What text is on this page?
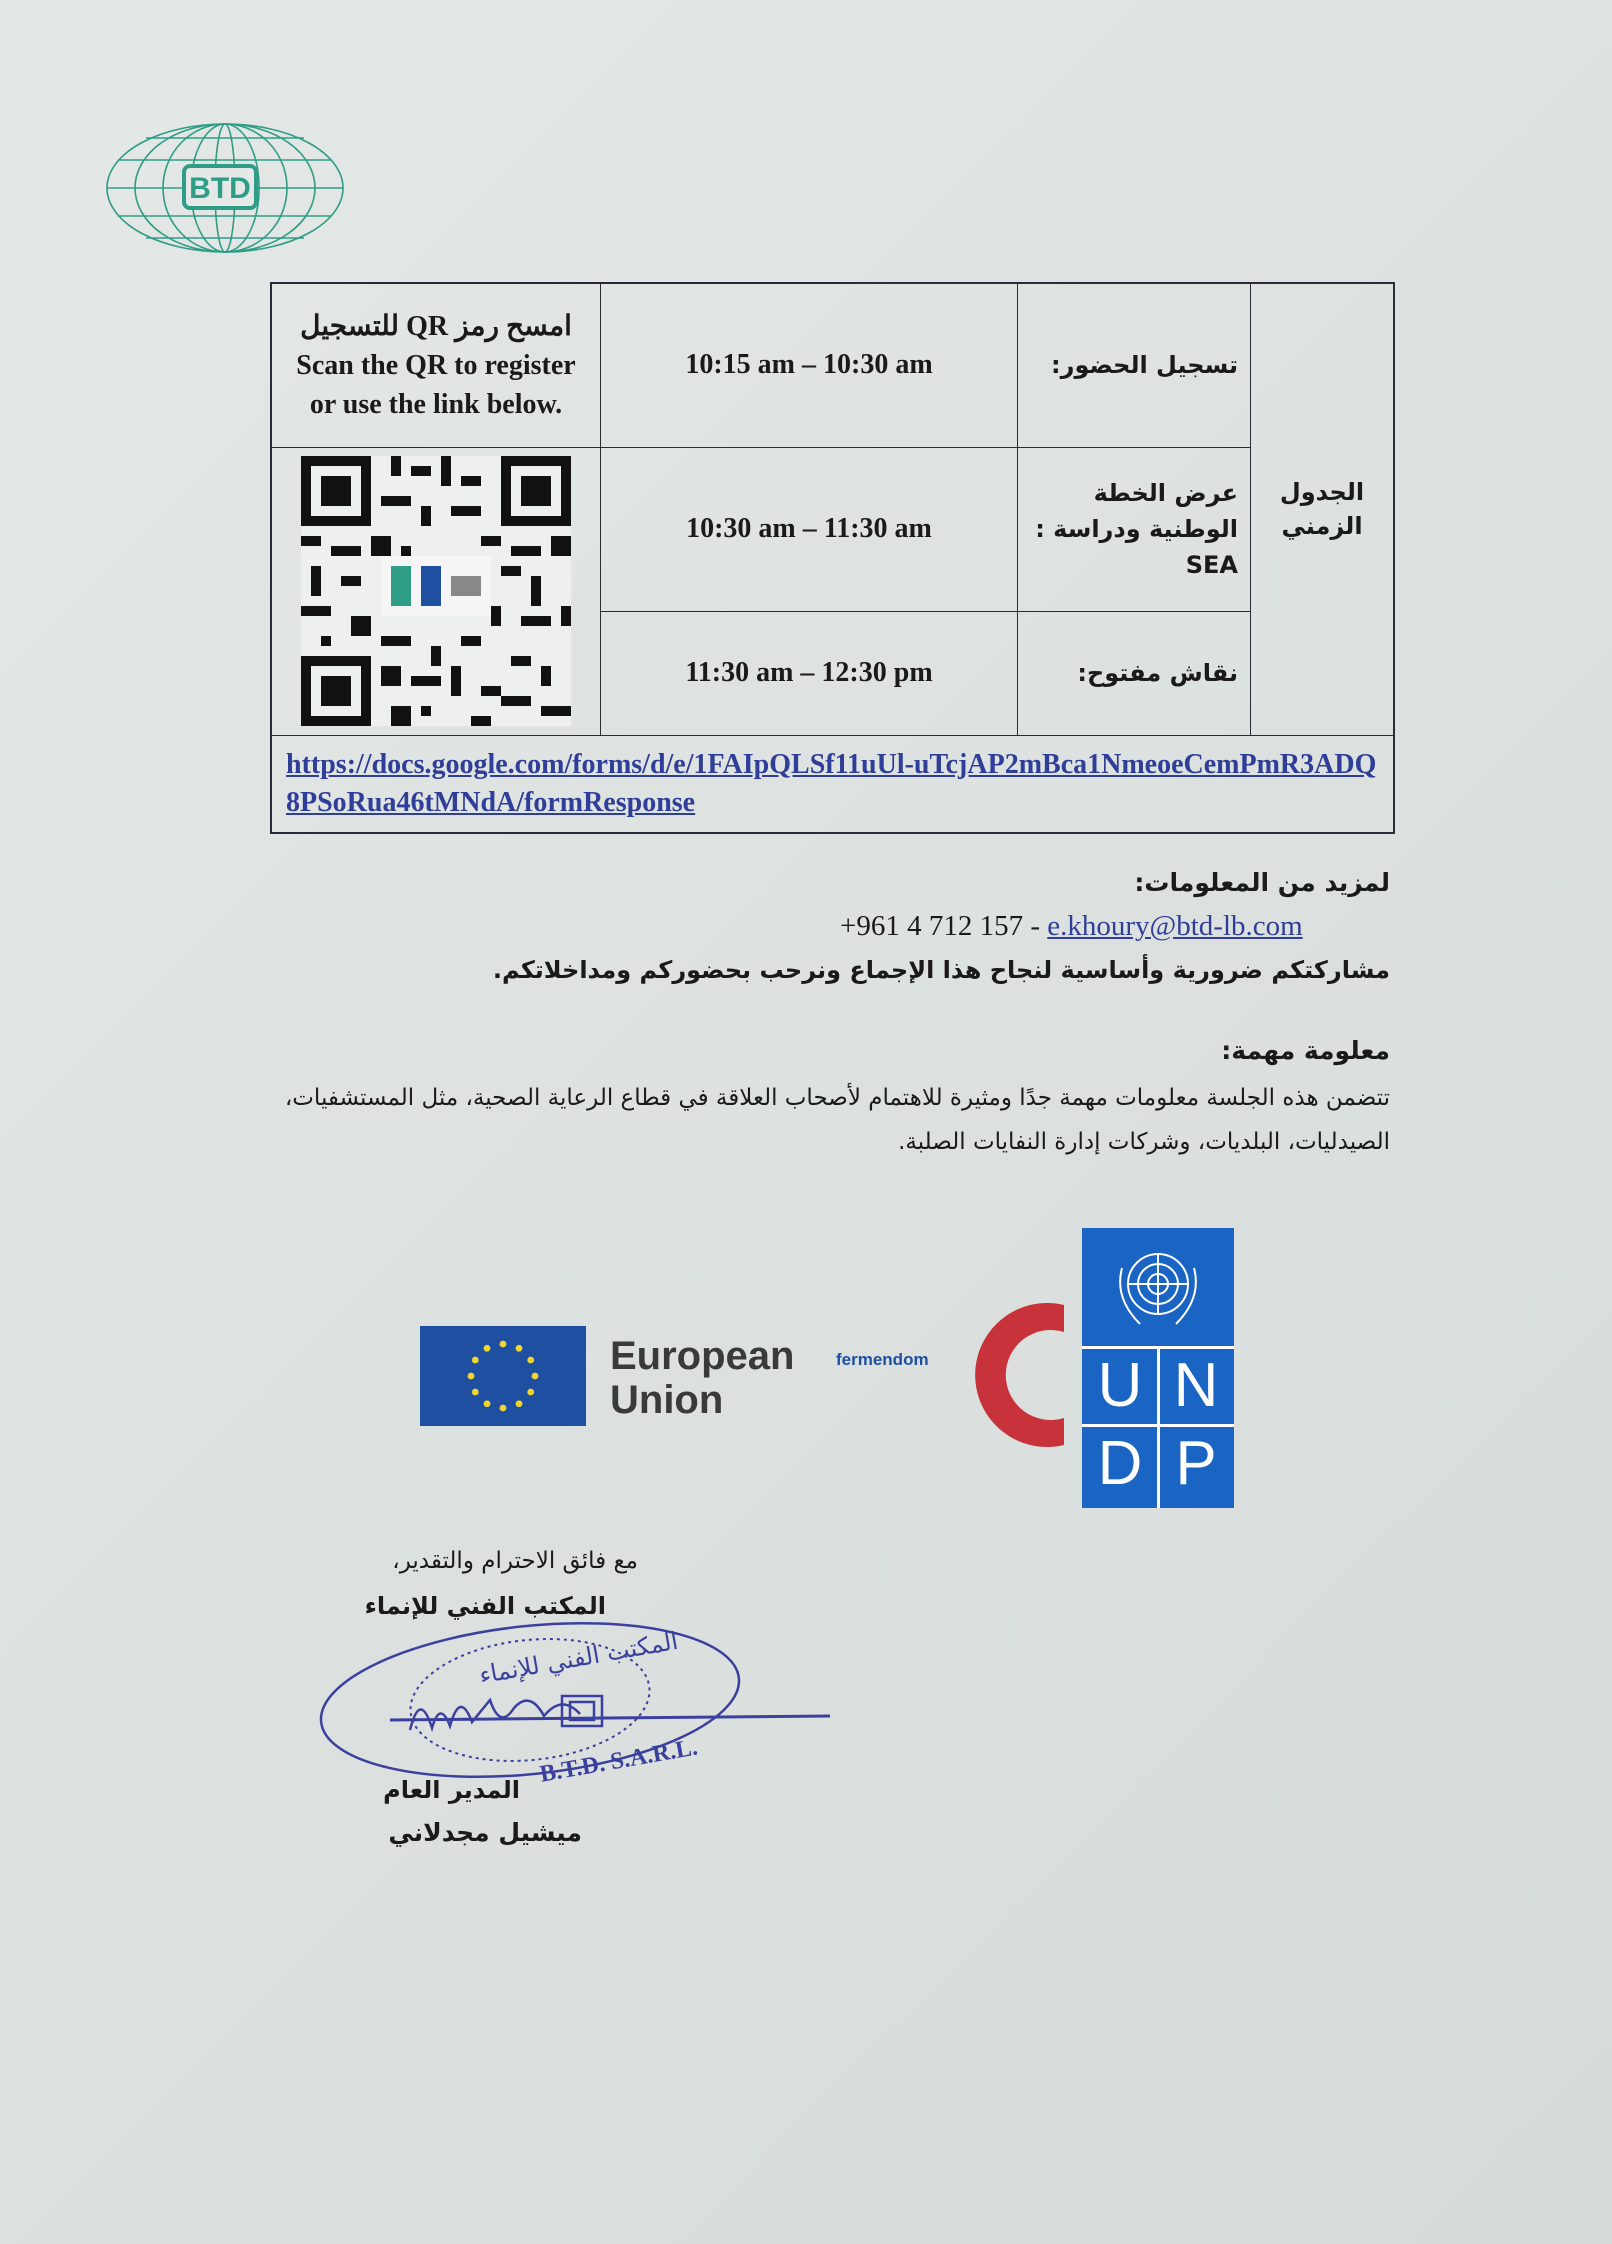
BTD
للتسجيل QR امسح رمز Scan the QR to register or use the link below.	10:15 am – 10:30 am	تسجيل الحضور:	الجدول الزمني

	10:30 am – 11:30 am	عرض الخطة الوطنية ودراسة : SEA	

	11:30 am – 12:30 pm	نقاش مفتوح:	

https://docs.google.com/forms/d/e/1FAIpQLSf11uUl-uTcjAP2mBca1NmeoeCemPmR3ADQ8PSoRua46tMNdA/formResponse			
لمزيد من المعلومات:
+961 4 712 157 - e.khoury@btd-lb.com
مشاركتكم ضرورية وأساسية لنجاح هذا الإجماع ونرحب بحضوركم ومداخلاتكم.
معلومة مهمة:
تتضمن هذه الجلسة معلومات مهمة جدًا ومثيرة للاهتمام لأصحاب العلاقة في قطاع الرعاية الصحية، مثل المستشفيات، الصيدليات، البلديات، وشركات إدارة النفايات الصلبة.
European
Union
fermendom	U N
D P
مع فائق الاحترام والتقدير،
المكتب الفني للإنماء
المكتب الفني للإنماء
B.T.D. S.A.R.L.
المدير العام
ميشيل مجدلاني
